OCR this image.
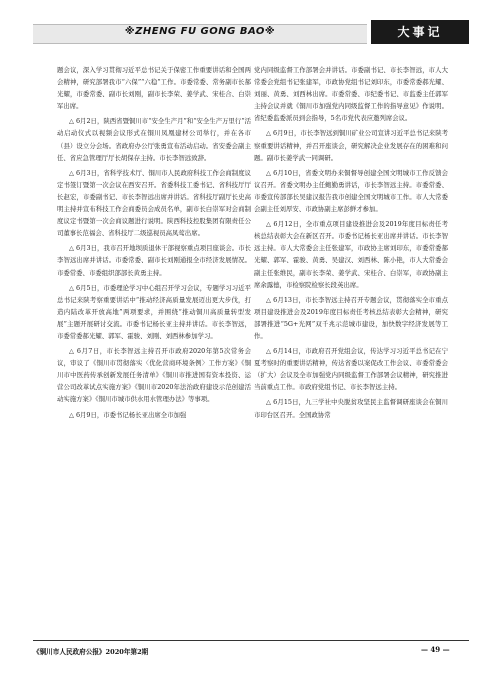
※ZHENG FU GONG BAO※	大事记

题会议，深入学习贯彻习近平总书记关于保密工作重要讲话和全国两会精神，研究部署我市“六保”“六稳”工作。市委常委、常务副市长郝光耀，市委常委、副市长刘刚，副市长李荣、姜学武、宋桂合、白崇军出席。

△ 6月2日，陕西省暨铜川市“安全生产月”和“安全生产万里行”活动启动仪式以视频会议形式在铜川凤凰建材公司举行，并在各市（县）设立分会场。省政府办公厅张勇宣布活动启动。省安委会副主任、省应急管理厅厅长胡保存主持。市长李智远致辞。

△ 6月3日，省科学技术厅、铜川市人民政府科技工作会商制度议定书签订暨第一次会议在西安召开。省委科技工委书记、省科技厅厅长赵宏，市委副书记、市长李智远出席并讲话。省科技厅副厅长史高明主持并宣布科技工作会商委员会成员名单，副市长白崇军对会商制度议定书暨第一次会商议题进行说明。陕西科技控股集团有限责任公司董事长范福会、省科技厅二级巡视员高凤莺出席。

△ 6月3日，我市召开地坝质退休干部视察重点项目座谈会。市长李智远出席并讲话。市委常委、副市长刘刚通报全市经济发展情况。市委常委、市委组织部部长黄勇主持。

△ 6月5日，市委理论学习中心组召开学习会议，专题学习习近平总书记来陕考察重要讲话中“推动经济高质量发展迈出更大步伐，打造内陆改革开放高地”两项要求，并围绕“推动铜川高质量转型发展”主题开展研讨交流。市委书记杨长亚主持并讲话。市长李智远，市委常委郝光耀、郭军、霍骏、刘刚、刘西林参加学习。

△ 6月7日，市长李智远主持召开市政府2020年第5次常务会议，审议了《铜川市贯彻落实〈优化营商环境条例〉工作方案》《铜川市中医药传承创新发展任务清单》《铜川市推进国有资本投资、运营公司改革试点实施方案》《铜川市2020年法治政府建设示范创建活动实施方案》《铜川市城市供水用水管理办法》等事项。

△ 6月9日，市委书记杨长亚出席全市加强

党内同级监督工作部署会并讲话。市委副书记、市长李智远，市人大常委会党组书记张建军，市政协党组书记刘印东，市委常委郝光耀、刘丽、黄勇、刘西林出席。市委常委、市纪委书记、市监委主任郭军主持会议并就《铜川市加强党内同级监督工作的指导意见》作说明。省纪委监委派员到会指导，5名市党代表应邀列席会议。

△ 6月9日，市长李智远到铜川矿业公司宣讲习近平总书记来陕考察重要讲话精神，并召开座谈会，研究解决企业发展存在的困难和问题。副市长姜学武一同调研。

△ 6月10日，省委文明办来铜督导创建全国文明城市工作反馈会议召开。省委文明办主任鲍勤勇讲话，市长李智远主持。市委常委、市委宣传部部长吴建汉报告我市创建全国文明城市工作。市人大常委会副主任刘厚安、市政协副主席彭鲜才参加。

△ 6月12日，全市重点项目建设推进会及2019年度目标责任考核总结表彰大会在新区召开。市委书记杨长亚出席并讲话。市长李智远主持。市人大常委会主任张建军，市政协主席刘印东，市委常委郝光耀、郭军、霍骏、黄勇、吴建汉、刘西林、陈小艳，市人大常委会副主任张维民，副市长李荣、姜学武、宋桂合、白崇军，市政协副主席余露德，市检察院检察长段英出席。

△ 6月13日，市长李智远主持召开专题会议，贯彻落实全市重点项目建设推进会及2019年度目标责任考核总结表彰大会精神，研究部署推进“5G+光网”双千兆示范城市建设，加快数字经济发展等工作。

△ 6月14日，市政府召开党组会议，传达学习习近平总书记在宁夏考察时的重要讲话精神，传达省委以案促改工作会议、市委常委会（扩大）会议及全市加强党内同级监督工作部署会议精神，研究推进当前重点工作。市政府党组书记、市长李智远主持。

△ 6月15日，九三学社中央脱贫攻坚民主监督调研座谈会在铜川市印台区召开。全国政协常

《铜川市人民政府公报》2020年第2期	— 49 —
